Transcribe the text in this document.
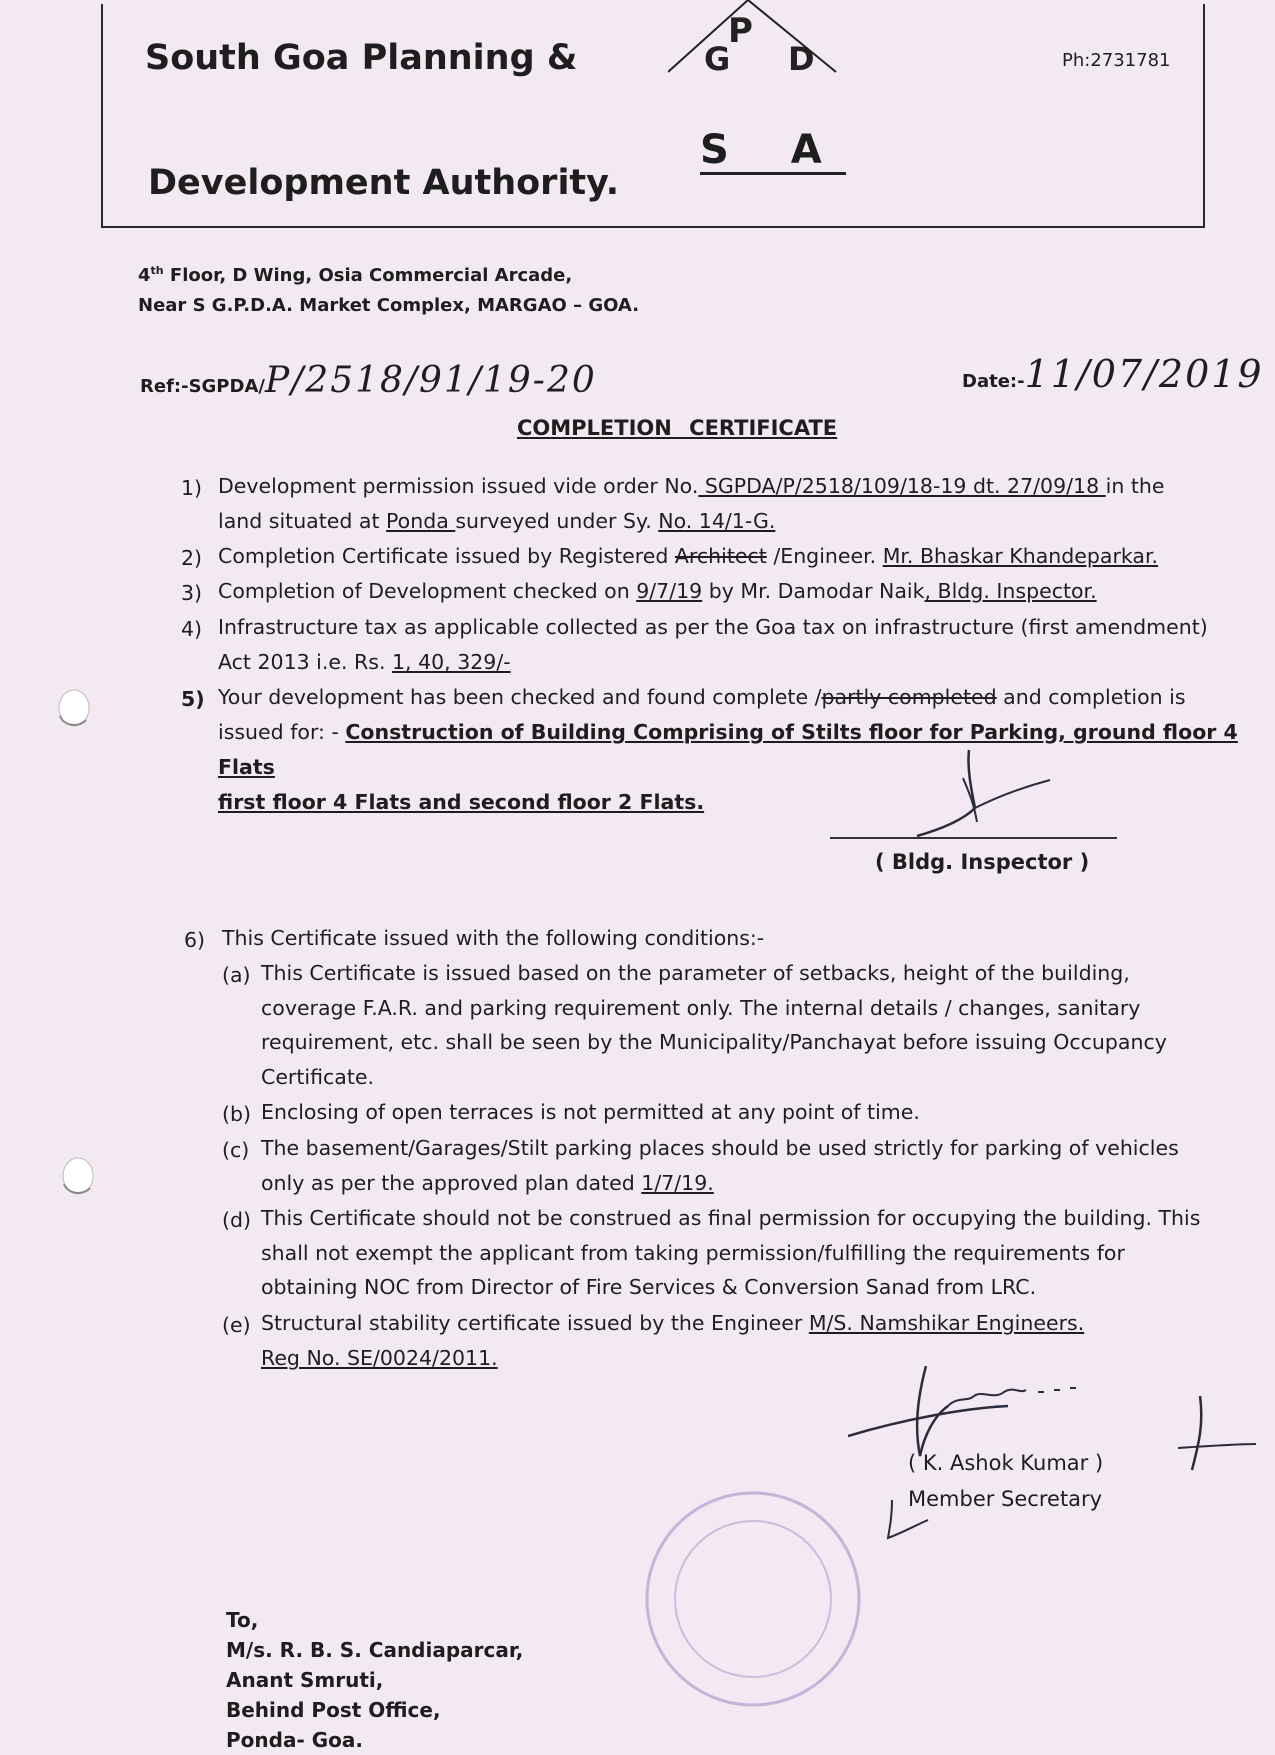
South Goa Planning &
Development Authority.
Ph:2731781
P
G D
S A
4th Floor, D Wing, Osia Commercial Arcade,
Near S G.P.D.A. Market Complex, MARGAO – GOA.
Ref:-SGPDA/P/2518/91/19-20	Date:-11/07/2019
COMPLETION CERTIFICATE
1) Development permission issued vide order No. SGPDA/P/2518/109/18-19 dt. 27/09/18 in the
land situated at Ponda surveyed under Sy. No. 14/1-G.
2) Completion Certificate issued by Registered Architect /Engineer. Mr. Bhaskar Khandeparkar.
3) Completion of Development checked on 9/7/19 by Mr. Damodar Naik, Bldg. Inspector.
4) Infrastructure tax as applicable collected as per the Goa tax on infrastructure (first amendment)
Act 2013 i.e. Rs. 1, 40, 329/-
5) Your development has been checked and found complete /partly completed and completion is
issued for: - Construction of Building Comprising of Stilts floor for Parking, ground floor 4 Flats
first floor 4 Flats and second floor 2 Flats.
( Bldg. Inspector )
6) This Certificate issued with the following conditions:-
(a) This Certificate is issued based on the parameter of setbacks, height of the building,
coverage F.A.R. and parking requirement only. The internal details / changes, sanitary
requirement, etc. shall be seen by the Municipality/Panchayat before issuing Occupancy
Certificate.
(b) Enclosing of open terraces is not permitted at any point of time.
(c) The basement/Garages/Stilt parking places should be used strictly for parking of vehicles
only as per the approved plan dated 1/7/19.
(d) This Certificate should not be construed as final permission for occupying the building. This
shall not exempt the applicant from taking permission/fulfilling the requirements for
obtaining NOC from Director of Fire Services & Conversion Sanad from LRC.
(e) Structural stability certificate issued by the Engineer M/S. Namshikar Engineers.
Reg No. SE/0024/2011.
( K. Ashok Kumar )
Member Secretary
To,
M/s. R. B. S. Candiaparcar,
Anant Smruti,
Behind Post Office,
Ponda- Goa.
